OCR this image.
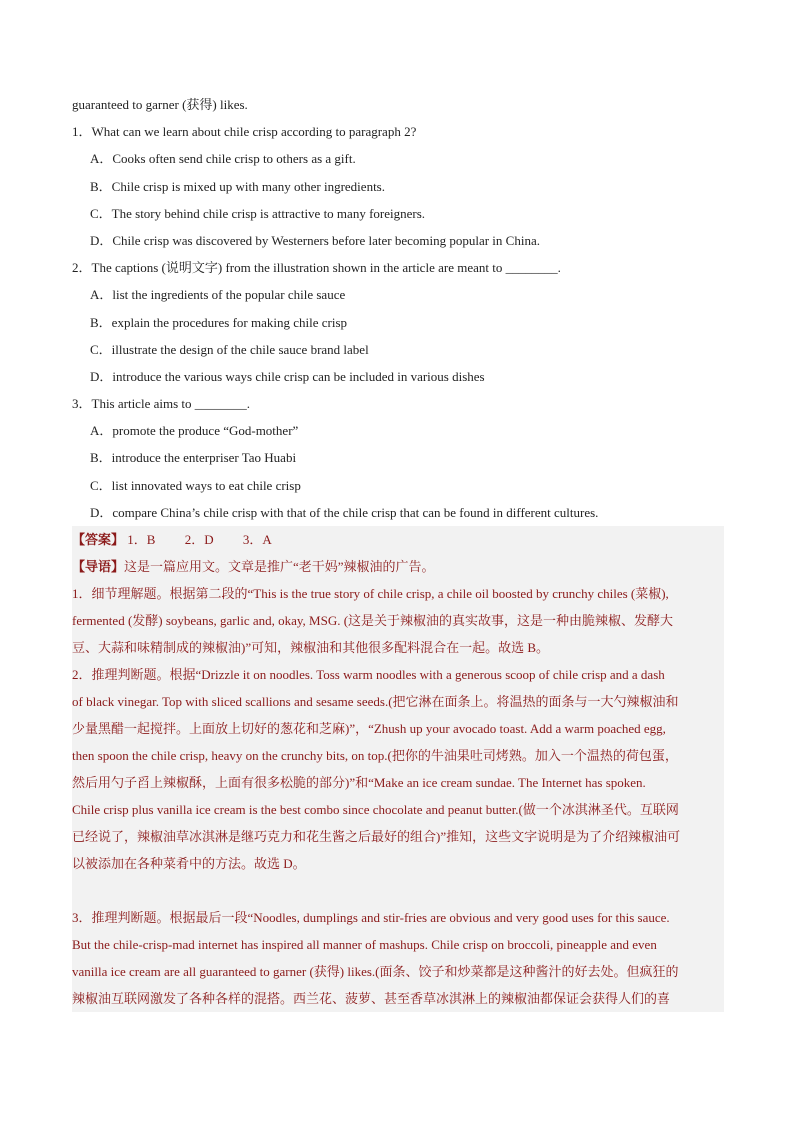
guaranteed to garner (获得) likes.
1．What can we learn about chile crisp according to paragraph 2?
A．Cooks often send chile crisp to others as a gift.
B．Chile crisp is mixed up with many other ingredients.
C．The story behind chile crisp is attractive to many foreigners.
D．Chile crisp was discovered by Westerners before later becoming popular in China.
2．The captions (说明文字) from the illustration shown in the article are meant to ________.
A．list the ingredients of the popular chile sauce
B．explain the procedures for making chile crisp
C．illustrate the design of the chile sauce brand label
D．introduce the various ways chile crisp can be included in various dishes
3．This article aims to ________.
A．promote the produce “God-mother”
B．introduce the enterpriser Tao Huabi
C．list innovated ways to eat chile crisp
D．compare China’s chile crisp with that of the chile crisp that can be found in different cultures.
【答案】 1．B 2．D 3．A
【导语】这是一篇应用文。文章是推广“老干妈”辣椒油的广告。
1．细节理解题。根据第二段的“This is the true story of chile crisp, a chile oil boosted by crunchy chiles (菜椒),
fermented (发酵) soybeans, garlic and, okay, MSG. (这是关于辣椒油的真实故事，这是一种由脆辣椒、发酵大
豆、大蒜和味精制成的辣椒油)”可知，辣椒油和其他很多配料混合在一起。故选 B。
2．推理判断题。根据“Drizzle it on noodles. Toss warm noodles with a generous scoop of chile crisp and a dash
of black vinegar. Top with sliced scallions and sesame seeds.(把它淋在面条上。将温热的面条与一大勺辣椒油和
少量黑醋一起搅拌。上面放上切好的葱花和芝麻)”，“Zhush up your avocado toast. Add a warm poached egg,
then spoon the chile crisp, heavy on the crunchy bits, on top.(把你的牛油果吐司烤熟。加入一个温热的荷包蛋，
然后用勺子舀上辣椒酥，上面有很多松脆的部分)”和“Make an ice cream sundae. The Internet has spoken.
Chile crisp plus vanilla ice cream is the best combo since chocolate and peanut butter.(做一个冰淇淋圣代。互联网
已经说了，辣椒油草冰淇淋是继巧克力和花生酱之后最好的组合)”推知，这些文字说明是为了介绍辣椒油可
以被添加在各种菜肴中的方法。故选 D。
3．推理判断题。根据最后一段“Noodles, dumplings and stir-fries are obvious and very good uses for this sauce.
But the chile-crisp-mad internet has inspired all manner of mashups. Chile crisp on broccoli, pineapple and even
vanilla ice cream are all guaranteed to garner (获得) likes.(面条、饺子和炒菜都是这种酱汁的好去处。但疯狂的
辣椒油互联网激发了各种各样的混搭。西兰花、菠萝、甚至香草冰淇淋上的辣椒油都保证会获得人们的喜
